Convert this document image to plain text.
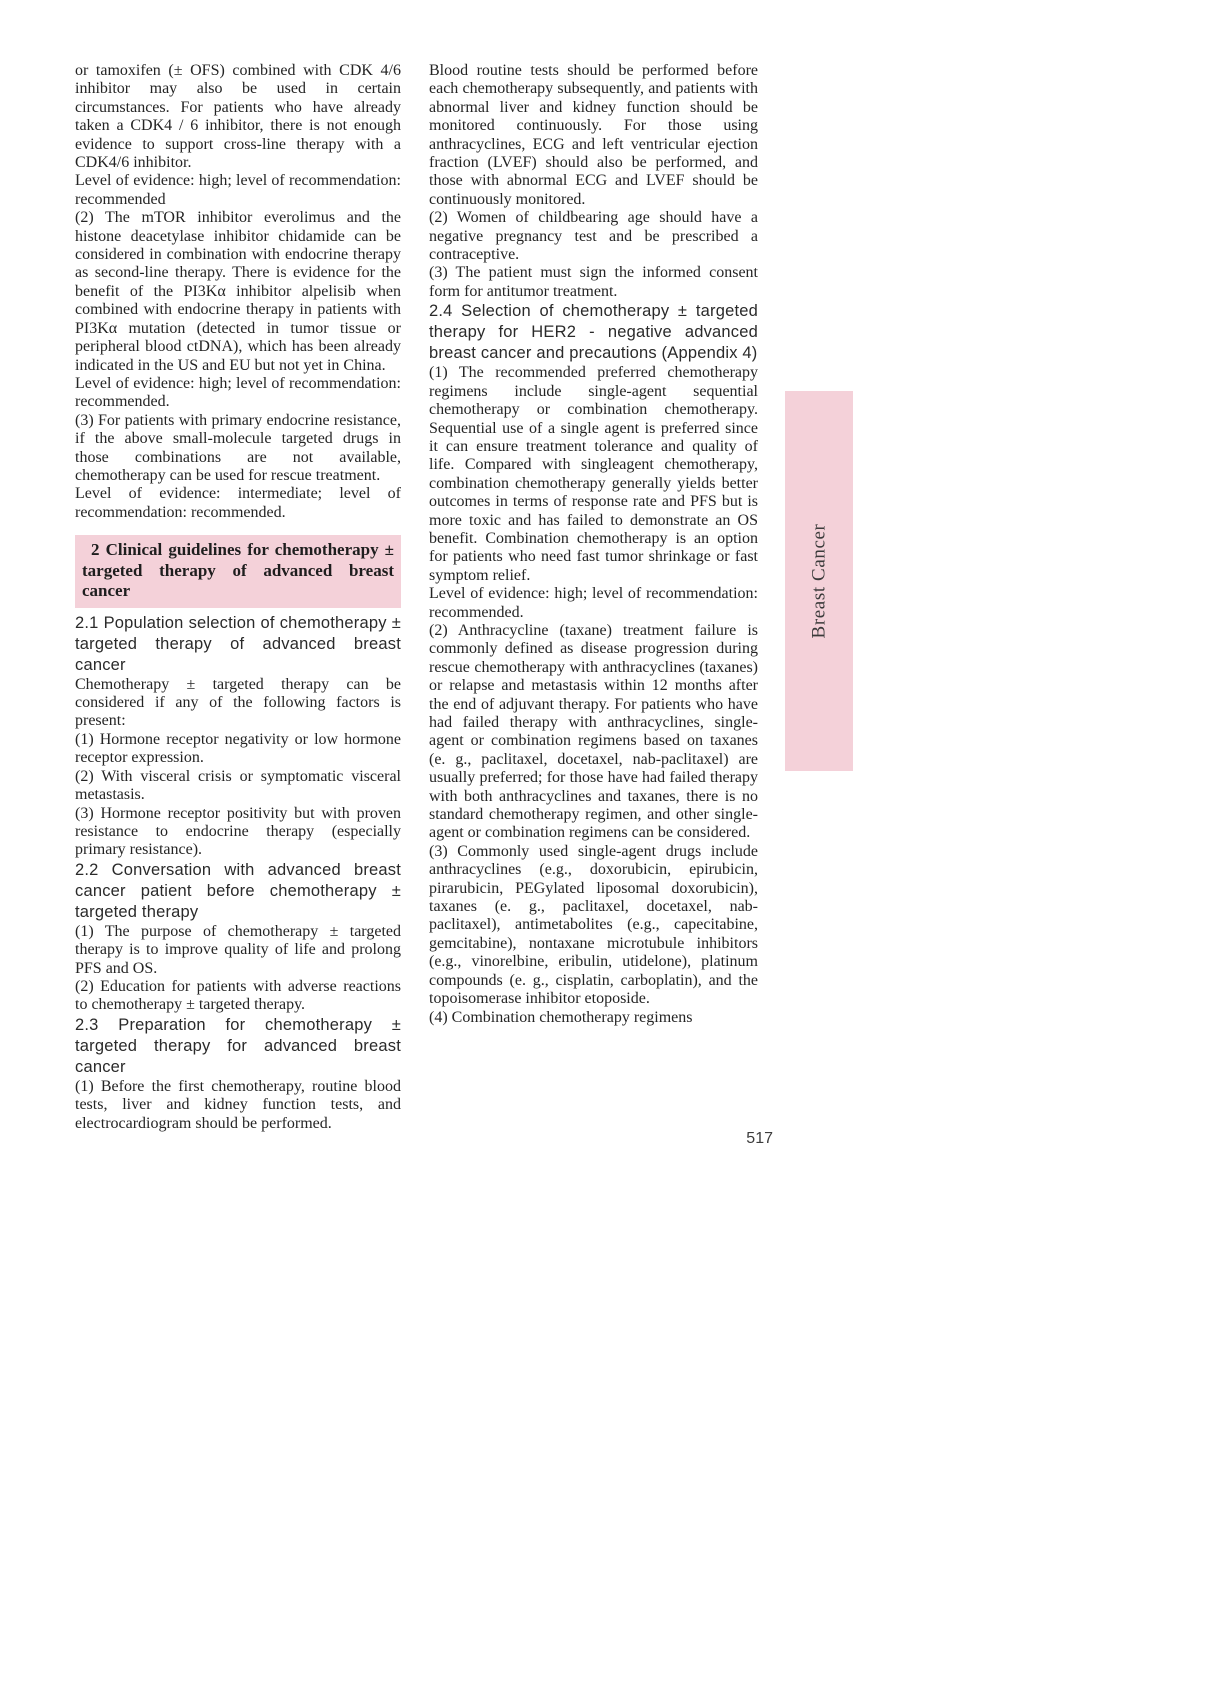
or tamoxifen (± OFS) combined with CDK 4/6 inhibitor may also be used in certain circumstances. For patients who have already taken a CDK4 / 6 inhibitor, there is not enough evidence to support cross-line therapy with a CDK4/6 inhibitor.

Level of evidence: high; level of recommendation: recommended

(2) The mTOR inhibitor everolimus and the histone deacetylase inhibitor chidamide can be considered in combination with endocrine therapy as second-line therapy. There is evidence for the benefit of the PI3Kα inhibitor alpelisib when combined with endocrine therapy in patients with PI3Kα mutation (detected in tumor tissue or peripheral blood ctDNA), which has been already indicated in the US and EU but not yet in China.

Level of evidence: high; level of recommendation: recommended.

(3) For patients with primary endocrine resistance, if the above small-molecule targeted drugs in those combinations are not available, chemotherapy can be used for rescue treatment.

Level of evidence: intermediate; level of recommendation: recommended.

2 Clinical guidelines for chemotherapy ± targeted therapy of advanced breast cancer

2.1 Population selection of chemotherapy ± targeted therapy of advanced breast cancer

Chemotherapy ± targeted therapy can be considered if any of the following factors is present:

(1) Hormone receptor negativity or low hormone receptor expression.

(2) With visceral crisis or symptomatic visceral metastasis.

(3) Hormone receptor positivity but with proven resistance to endocrine therapy (especially primary resistance).

2.2 Conversation with advanced breast cancer patient before chemotherapy ± targeted therapy

(1) The purpose of chemotherapy ± targeted therapy is to improve quality of life and prolong PFS and OS.

(2) Education for patients with adverse reactions to chemotherapy ± targeted therapy.

2.3 Preparation for chemotherapy ± targeted therapy for advanced breast cancer

(1) Before the first chemotherapy, routine blood tests, liver and kidney function tests, and electrocardiogram should be performed.

Blood routine tests should be performed before each chemotherapy subsequently, and patients with abnormal liver and kidney function should be monitored continuously. For those using anthracyclines, ECG and left ventricular ejection fraction (LVEF) should also be performed, and those with abnormal ECG and LVEF should be continuously monitored.

(2) Women of childbearing age should have a negative pregnancy test and be prescribed a contraceptive.

(3) The patient must sign the informed consent form for antitumor treatment.

2.4 Selection of chemotherapy ± targeted therapy for HER2 - negative advanced breast cancer and precautions (Appendix 4)

(1) The recommended preferred chemotherapy regimens include single-agent sequential chemotherapy or combination chemotherapy. Sequential use of a single agent is preferred since it can ensure treatment tolerance and quality of life. Compared with singleagent chemotherapy, combination chemotherapy generally yields better outcomes in terms of response rate and PFS but is more toxic and has failed to demonstrate an OS benefit. Combination chemotherapy is an option for patients who need fast tumor shrinkage or fast symptom relief.

Level of evidence: high; level of recommendation: recommended.

(2) Anthracycline (taxane) treatment failure is commonly defined as disease progression during rescue chemotherapy with anthracyclines (taxanes) or relapse and metastasis within 12 months after the end of adjuvant therapy. For patients who have had failed therapy with anthracyclines, single-agent or combination regimens based on taxanes (e. g., paclitaxel, docetaxel, nab-paclitaxel) are usually preferred; for those have had failed therapy with both anthracyclines and taxanes, there is no standard chemotherapy regimen, and other single-agent or combination regimens can be considered.

(3) Commonly used single-agent drugs include anthracyclines (e.g., doxorubicin, epirubicin, pirarubicin, PEGylated liposomal doxorubicin), taxanes (e. g., paclitaxel, docetaxel, nab-paclitaxel), antimetabolites (e.g., capecitabine, gemcitabine), nontaxane microtubule inhibitors (e.g., vinorelbine, eribulin, utidelone), platinum compounds (e. g., cisplatin, carboplatin), and the topoisomerase inhibitor etoposide.

(4) Combination chemotherapy regimens

Breast Cancer
517
